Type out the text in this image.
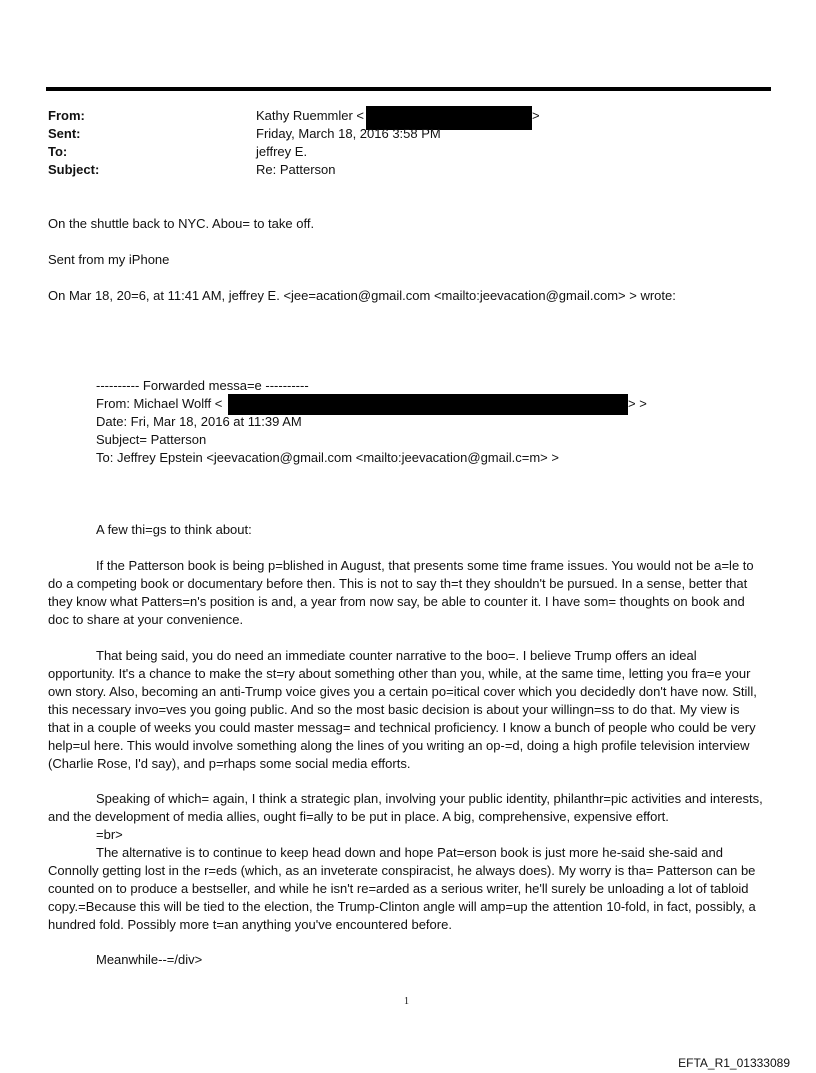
From:	Kathy Ruemmler <	>
Sent:	Friday, March 18, 2016 3:58 PM
To:	jeffrey E.
Subject:	Re: Patterson
On the shuttle back to NYC. Abou= to take off.
Sent from my iPhone
On Mar 18, 20=6, at 11:41 AM, jeffrey E. <jee=acation@gmail.com <mailto:jeevacation@gmail.com> > wrote:
---------- Forwarded messa=e ----------
From: Michael Wolff <	> >
Date: Fri, Mar 18, 2016 at 11:39 AM
Subject= Patterson
To: Jeffrey Epstein <jeevacation@gmail.com <mailto:jeevacation@gmail.c=m> >
A few thi=gs to think about:

If the Patterson book is being p=blished in August, that presents some time frame issues. You would not be a=le to do a competing book or documentary before then. This is not to say th=t they shouldn't be pursued. In a sense, better that they know what Patters=n's position is and, a year from now say, be able to counter it. I have som= thoughts on book and doc to share at your convenience.

That being said, you do need an immediate counter narrative to the boo=. I believe Trump offers an ideal opportunity. It's a chance to make the st=ry about something other than you, while, at the same time, letting you fra=e your own story. Also, becoming an anti-Trump voice gives you a certain po=itical cover which you decidedly don't have now. Still, this necessary invo=ves you going public. And so the most basic decision is about your willingn=ss to do that. My view is that in a couple of weeks you could master messag= and technical proficiency. I know a bunch of people who could be very help=ul here. This would involve something along the lines of you writing an op-=d, doing a high profile television interview (Charlie Rose, I'd say), and p=rhaps some social media efforts.

Speaking of which= again, I think a strategic plan, involving your public identity, philanthr=pic activities and interests, and the development of media allies, ought fi=ally to be put in place. A big, comprehensive, expensive effort.

=br>

The alternative is to continue to keep head down and hope Pat=erson book is just more he-said she-said and Connolly getting lost in the r=eds (which, as an inveterate conspiracist, he always does). My worry is tha= Patterson can be counted on to produce a bestseller, and while he isn't re=arded as a serious writer, he'll surely be unloading a lot of tabloid copy.=Because this will be tied to the election, the Trump-Clinton angle will amp=up the attention 10-fold, in fact, possibly, a hundred fold. Possibly more t=an anything you've encountered before.

Meanwhile--=/div>
1
EFTA_R1_01333089
